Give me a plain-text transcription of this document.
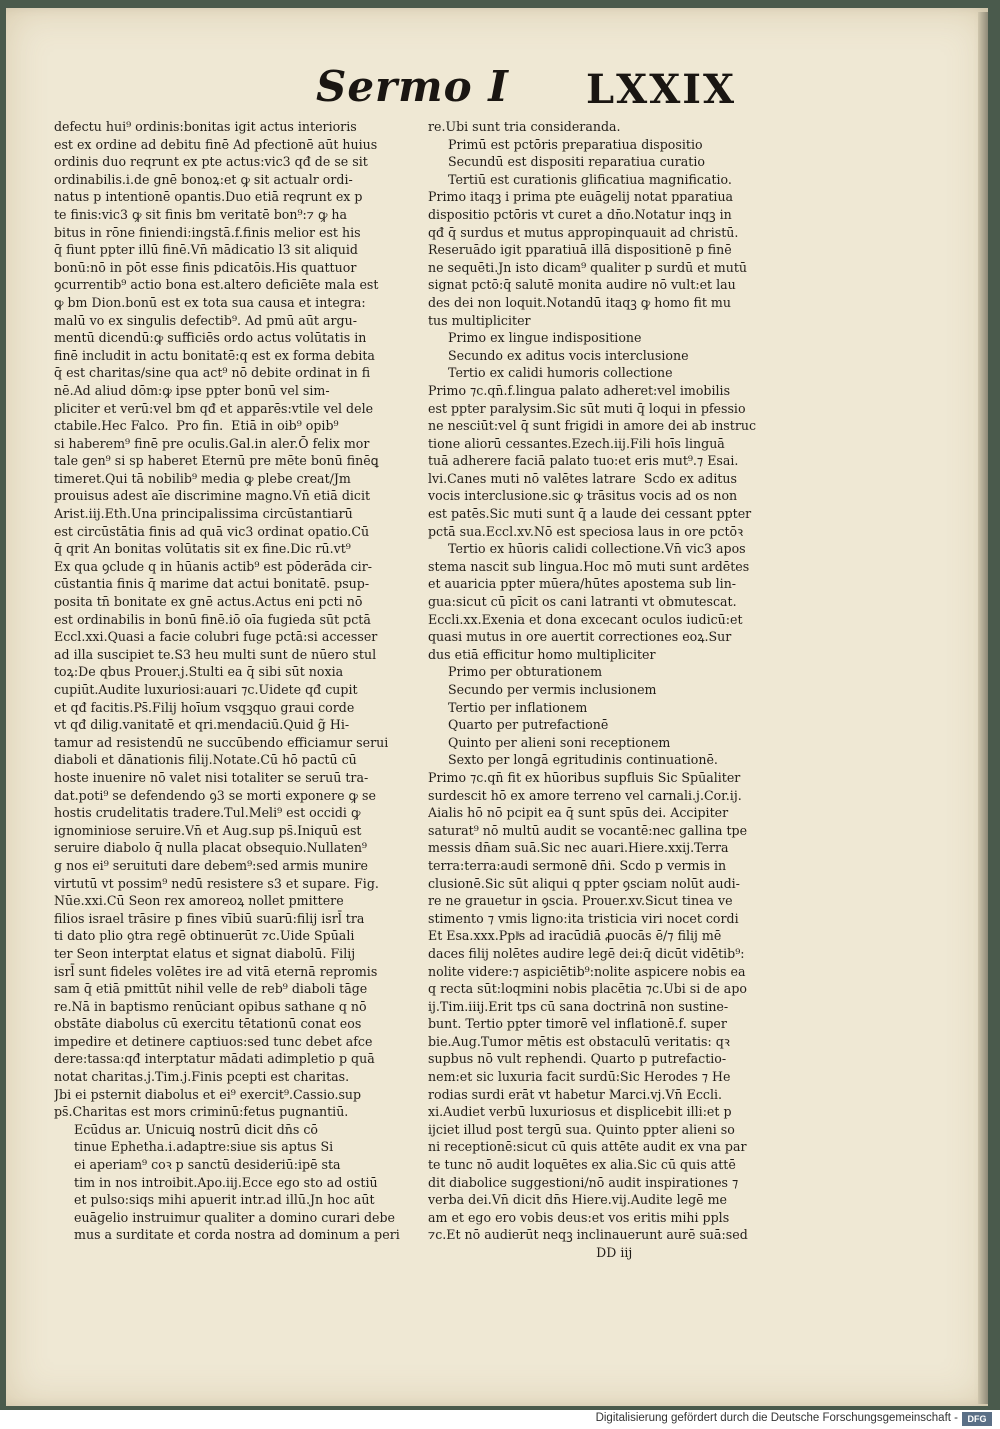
Sermo I LXXIX
defectu hui⁹ ordinis:bonitas igit actus interioris
est ex ordine ad debitu finē Ad pfectionē aūt huius
ordinis duo reqrunt ex pte actus:vic3 qđ de se sit
ordinabilis.i.de gnē bonoꝝ:et ꝙ sit actualr ordi-
natus p intentionē opantis.Duo etiā reqrunt ex p
te finis:vic3 ꝙ sit finis bm veritatē bon⁹:⁊ ꝙ ha
bitus in rōne finiendi:ingstā.f.finis melior est his
q̄ fiunt ppter illū finē.Vn̄ mādicatio l3 sit aliquid
bonū:nō in pōt esse finis pdicatōis.His quattuor
ꝯcurrentib⁹ actio bona est.altero deficiēte mala est
ꝙ bm Dion.bonū est ex tota sua causa et integra:
malū vo ex singulis defectib⁹. Ad pmū aūt argu-
mentū dicendū:ꝙ sufficiēs ordo actus volūtatis in
finē includit in actu bonitatē:q est ex forma debita
q̄ est charitas/sine qua act⁹ nō debite ordinat in fi
nē.Ad aliud dōm:ꝙ ipse ppter bonū vel sim-
pliciter et verū:vel bm qđ et apparēs:vtile vel dele
ctabile.Hec Falco.  Pro fin.  Etiā in oib⁹ opib⁹
si haberem⁹ finē pre oculis.Gal.in aler.Ō felix mor
tale gen⁹ si sp haberet Eternū pre mēte bonū finēꝗ
timeret.Qui tā nobilib⁹ media ꝙ plebe creat/Jm
prouisus adest aīe discrimine magno.Vn̄ etiā dicit
Arist.iij.Eth.Una principalissima circūstantiarū
est circūstātia finis ad quā vic3 ordinat opatio.Cū
q̄ qrit An bonitas volūtatis sit ex fine.Dic rū.vt⁹
Ex qua ꝯclude q in hūanis actib⁹ est pōderāda cir-
cūstantia finis q̄ marime dat actui bonitatē. psup-
posita tn̄ bonitate ex gnē actus.Actus eni pcti nō
est ordinabilis in bonū finē.iō oīa fugieda sūt pctā
Eccl.xxi.Quasi a facie colubri fuge pctā:si accesser
ad illa suscipiet te.S3 heu multi sunt de nūero stul
toꝝ:De qbus Prouer.j.Stulti ea q̄ sibi sūt noxia
cupiūt.Audite luxuriosi:auari ⁊c.Uidete qđ cupit
et qđ facitis.Ps̄.Filij hoīum vsqꝫquo graui corde
vt qđ dilig.vanitatē et qri.mendaciū.Quid g̃ Hi-
tamur ad resistendū ne succūbendo efficiamur serui
diaboli et dānationis filij.Notate.Cū hō pactū cū
hoste inuenire nō valet nisi totaliter se seruū tra-
dat.poti⁹ se defendendo ꝯ3 se morti exponere ꝙ se
hostis crudelitatis tradere.Tul.Meli⁹ est occidi ꝙ
ignominiose seruire.Vn̄ et Aug.sup ps̄.Iniquū est
seruire diabolo q̄ nulla placat obsequio.Nullaten⁹
g nos ei⁹ seruituti dare debem⁹:sed armis munire
virtutū vt possim⁹ nedū resistere s3 et supare. Fig.
Nūe.xxi.Cū Seon rex amoreoꝝ nollet pmittere
filios israel trāsire p fines vībiū suarū:filij isrl̄ tra
ti dato plio ꝯtra regē obtinuerūt ⁊c.Uide Spūali
ter Seon interptat elatus et signat diabolū. Filij
isrl̄ sunt fideles volētes ire ad vitā eternā repromis
sam q̄ etiā pmittūt nihil velle de reb⁹ diaboli tāge
re.Nā in baptismo renūciant opibus sathane q nō
obstāte diabolus cū exercitu tētationū conat eos
impedire et detinere captiuos:sed tunc debet afce
dere:tassa:qđ interptatur mādati adimpletio p quā
notat charitas.j.Tim.j.Finis pcepti est charitas.
Jbi ei psternit diabolus et ei⁹ exercit⁹.Cassio.sup
ps̄.Charitas est mors criminū:fetus pugnantiū.
Ecūdus ar. Unicuiꝗ nostrū dicit dn̄s cō
tinue Ephetha.i.adaptre:siue sis aptus Si
ei aperiam⁹ coꝛ p sanctū desideriū:ipē sta
tim in nos introibit.Apo.iij.Ecce ego sto ad ostiū
et pulso:siqs mihi apuerit intr.ad illū.Jn hoc aūt
euāgelio instruimur qualiter a domino curari debe
mus a surditate et corda nostra ad dominum a peri
re.Ubi sunt tria consideranda.
Primū est pctōris preparatiua dispositio
Secundū est dispositi reparatiua curatio
Tertiū est curationis glificatiua magnificatio.
Primo itaqꝫ i prima pte euāgelij notat pparatiua
dispositio pctōris vt curet a dn̄o.Notatur inqꝫ in
qđ q̄ surdus et mutus appropinquauit ad christū.
Reseruādo igit pparatiuā illā dispositionē p finē
ne sequēti.Jn isto dicam⁹ qualiter p surdū et mutū
signat pctō:q̄ salutē monita audire nō vult:et lau
des dei non loquit.Notandū itaqꝫ ꝙ homo fit mu
tus multipliciter
Primo ex lingue indispositione
Secundo ex aditus vocis interclusione
Tertio ex calidi humoris collectione
Primo ⁊c.qn̄.f.lingua palato adheret:vel imobilis
est ppter paralysim.Sic sūt muti q̄ loqui in pfessio
ne nesciūt:vel q̄ sunt frigidi in amore dei ab instruc
tione aliorū cessantes.Ezech.iij.Fili hoīs linguā
tuā adherere faciā palato tuo:et eris mut⁹.⁊ Esai.
lvi.Canes muti nō valētes latrare  Scdo ex aditus
vocis interclusione.sic ꝙ trāsitus vocis ad os non
est patēs.Sic muti sunt q̄ a laude dei cessant ppter
pctā sua.Eccl.xv.Nō est speciosa laus in ore pctōꝛ
Tertio ex hūoris calidi collectione.Vn̄ vic3 apos
stema nascit sub lingua.Hoc mō muti sunt ardētes
et auaricia ppter mūera/hūtes apostema sub lin-
gua:sicut cū pīcit os cani latranti vt obmutescat.
Eccli.xx.Exenia et dona excecant oculos iudicū:et
quasi mutus in ore auertit correctiones eoꝝ.Sur
dus etiā efficitur homo multipliciter
Primo per obturationem
Secundo per vermis inclusionem
Tertio per inflationem
Quarto per putrefactionē
Quinto per alieni soni receptionem
Sexto per longā egritudinis continuationē.
Primo ⁊c.qn̄ fit ex hūoribus supfluis Sic Spūaliter
surdescit hō ex amore terreno vel carnali.j.Cor.ij.
Aialis hō nō pcipit ea q̄ sunt spūs dei. Accipiter
saturat⁹ nō multū audit se vocantē:nec gallina tpe
messis dn̄am suā.Sic nec auari.Hiere.xxij.Terra
terra:terra:audi sermonē dn̄i. Scdo p vermis in
clusionē.Sic sūt aliqui q ppter ꝯsciam nolūt audi-
re ne grauetur in ꝯscia. Prouer.xv.Sicut tinea ve
stimento ⁊ vmis ligno:ita tristicia viri nocet cordi
Et Esa.xxx.Pplͥs ad iracūdiā ꝓuocās ē/⁊ filij mē
daces filij nolētes audire legē dei:q̄ dicūt vidētib⁹:
nolite videre:⁊ aspiciētib⁹:nolite aspicere nobis ea
q recta sūt:loqmini nobis placētia ⁊c.Ubi si de apo
ij.Tim.iiij.Erit tps cū sana doctrinā non sustine-
bunt. Tertio ppter timorē vel inflationē.f. super
bie.Aug.Tumor mētis est obstaculū veritatis: qꝛ
supbus nō vult rephendi. Quarto p putrefactio-
nem:et sic luxuria facit surdū:Sic Herodes ⁊ He
rodias surdi erāt vt habetur Marci.vj.Vn̄ Eccli.
xi.Audiet verbū luxuriosus et displicebit illi:et p
ijciet illud post tergū sua. Quinto ppter alieni so
ni receptionē:sicut cū quis attēte audit ex vna par
te tunc nō audit loquētes ex alia.Sic cū quis attē
dit diabolice suggestioni/nō audit inspirationes ⁊
verba dei.Vn̄ dicit dn̄s Hiere.vij.Audite legē me
am et ego ero vobis deus:et vos eritis mihi ppls
⁊c.Et nō audierūt neqꝫ inclinauerunt aurē suā:sed
DD iij
Digitalisierung gefördert durch die Deutsche Forschungsgemeinschaft -	DFG
